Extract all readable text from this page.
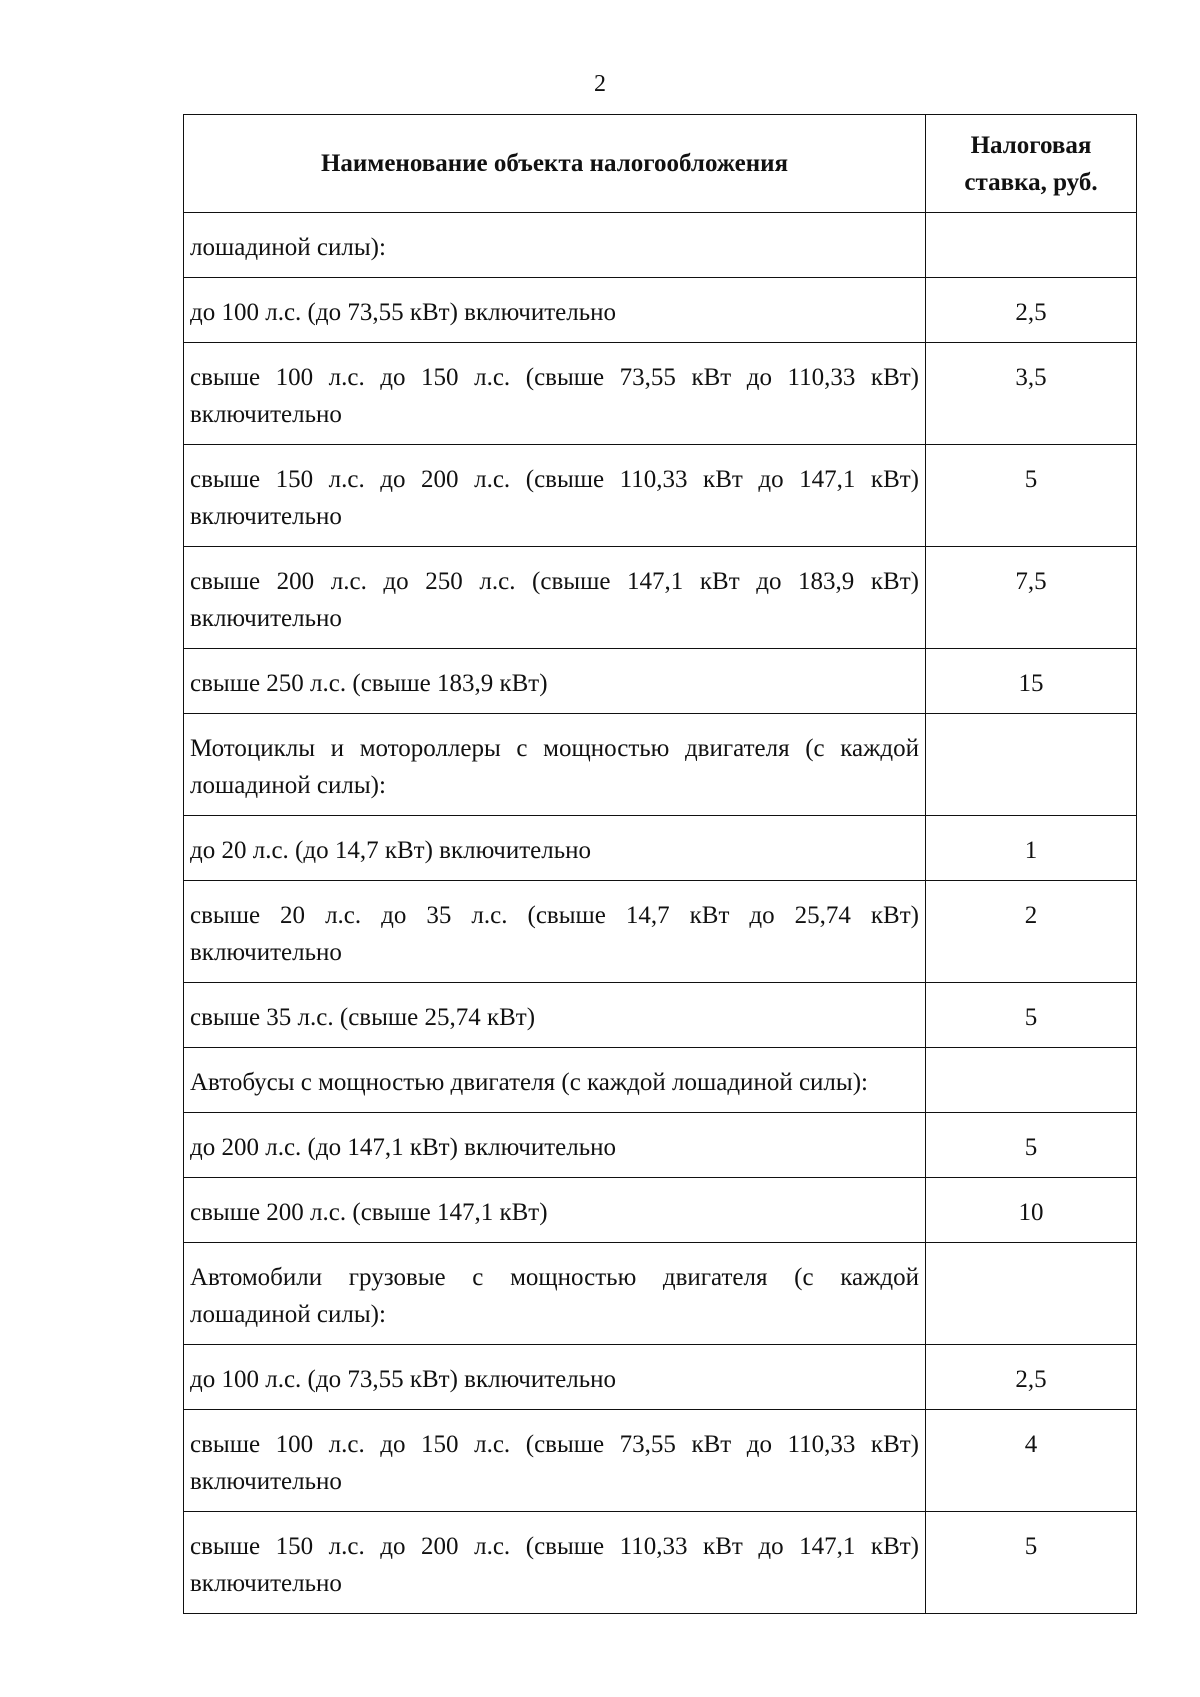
2
Наименование объекта налогообложения	Налоговая ставка, руб.
лошадиной силы):	
до 100 л.с. (до 73,55 кВт) включительно	2,5
свыше 100 л.с. до 150 л.с. (свыше 73,55 кВт до 110,33 кВт) включительно	3,5
свыше 150 л.с. до 200 л.с. (свыше 110,33 кВт до 147,1 кВт) включительно	5
свыше 200 л.с. до 250 л.с. (свыше 147,1 кВт до 183,9 кВт) включительно	7,5
свыше 250 л.с. (свыше 183,9 кВт)	15
Мотоциклы и мотороллеры с мощностью двигателя (с каждой лошадиной силы):	
до 20 л.с. (до 14,7 кВт) включительно	1
свыше 20 л.с. до 35 л.с. (свыше 14,7 кВт до 25,74 кВт) включительно	2
свыше 35 л.с. (свыше 25,74 кВт)	5
Автобусы с мощностью двигателя (с каждой лошадиной силы):	
до 200 л.с. (до 147,1 кВт) включительно	5
свыше 200 л.с. (свыше 147,1 кВт)	10
Автомобили грузовые с мощностью двигателя (с каждой лошадиной силы):	
до 100 л.с. (до 73,55 кВт) включительно	2,5
свыше 100 л.с. до 150 л.с. (свыше 73,55 кВт до 110,33 кВт) включительно	4
свыше 150 л.с. до 200 л.с. (свыше 110,33 кВт до 147,1 кВт) включительно	5
